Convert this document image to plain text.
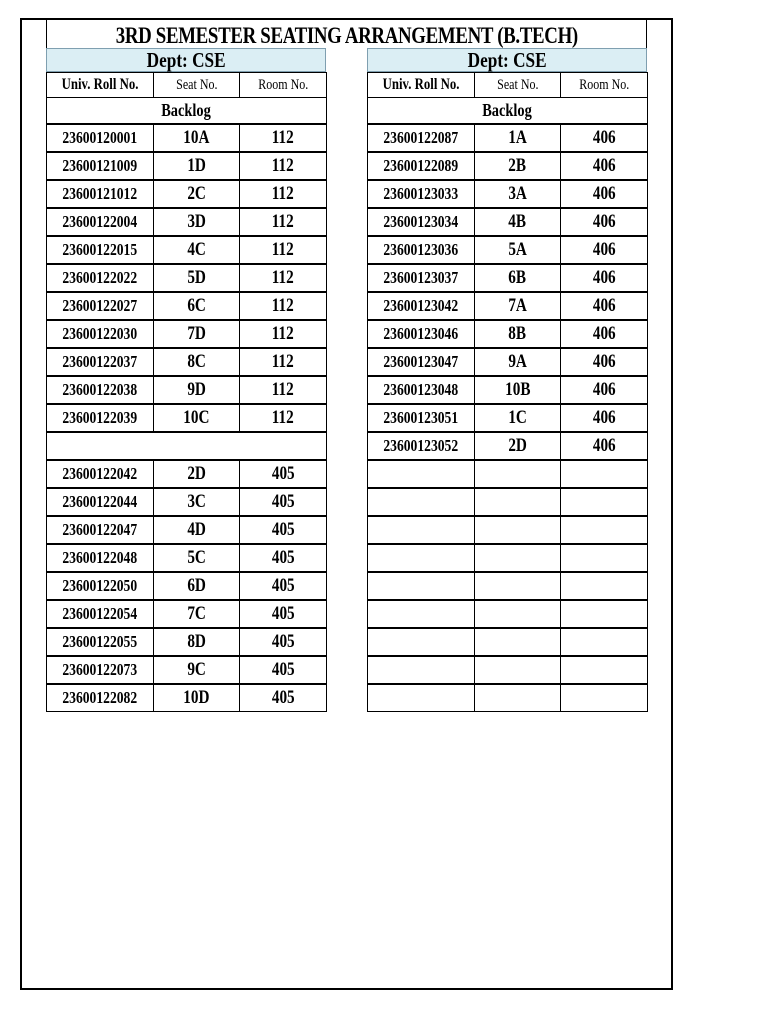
3RD SEMESTER SEATING ARRANGEMENT (B.TECH)
Dept: CSE
Univ. Roll No.	Seat No.	Room No.
Backlog		
23600120001	10A	112
23600121009	1D	112
23600121012	2C	112
23600122004	3D	112
23600122015	4C	112
23600122022	5D	112
23600122027	6C	112
23600122030	7D	112
23600122037	8C	112
23600122038	9D	112
23600122039	10C	112

23600122042	2D	405
23600122044	3C	405
23600122047	4D	405
23600122048	5C	405
23600122050	6D	405
23600122054	7C	405
23600122055	8D	405
23600122073	9C	405
23600122082	10D	405
Dept: CSE
Univ. Roll No.	Seat No.	Room No.
Backlog		
23600122087	1A	406
23600122089	2B	406
23600123033	3A	406
23600123034	4B	406
23600123036	5A	406
23600123037	6B	406
23600123042	7A	406
23600123046	8B	406
23600123047	9A	406
23600123048	10B	406
23600123051	1C	406
23600123052	2D	406
